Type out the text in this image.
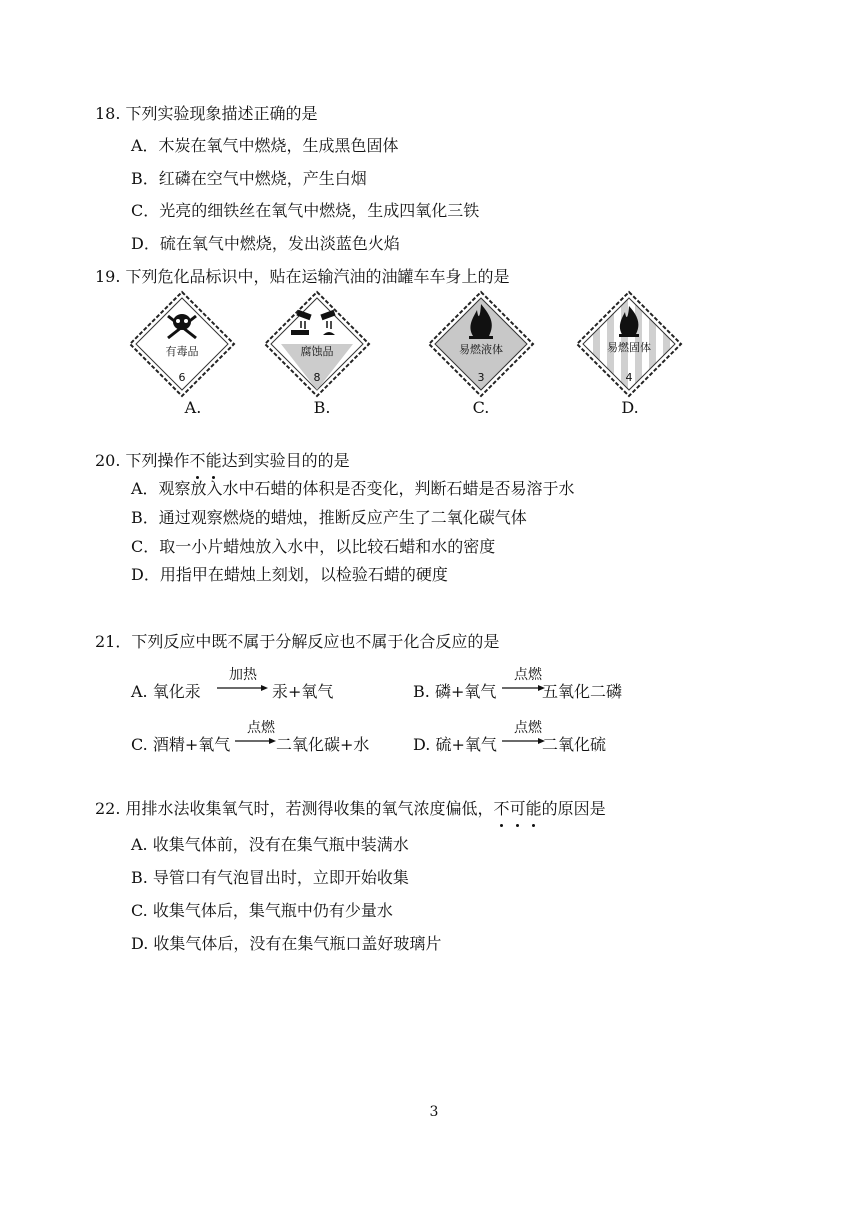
18. 下列实验现象描述正确的是
A．木炭在氧气中燃烧，生成黑色固体
B．红磷在空气中燃烧，产生白烟
C．光亮的细铁丝在氧气中燃烧，生成四氧化三铁
D．硫在氧气中燃烧，发出淡蓝色火焰
19. 下列危化品标识中，贴在运输汽油的油罐车车身上的是
有毒品
6
A.
腐蚀品
8
B.
易燃液体
3
C.
易燃固体
4
D.
20. 下列操作不能达到实验目的的是
A．观察放入水中石蜡的体积是否变化，判断石蜡是否易溶于水
B．通过观察燃烧的蜡烛，推断反应产生了二氧化碳气体
C．取一小片蜡烛放入水中，以比较石蜡和水的密度
D．用指甲在蜡烛上刻划，以检验石蜡的硬度
21．下列反应中既不属于分解反应也不属于化合反应的是
A. 氧化汞
加热
汞+氧气	B. 磷+氧气
点燃
五氧化二磷
C. 酒精+氧气
点燃
二氧化碳+水	D. 硫+氧气
点燃
二氧化硫
22. 用排水法收集氧气时，若测得收集的氧气浓度偏低，不可能的原因是
A. 收集气体前，没有在集气瓶中装满水
B. 导管口有气泡冒出时，立即开始收集
C. 收集气体后，集气瓶中仍有少量水
D. 收集气体后，没有在集气瓶口盖好玻璃片
3
